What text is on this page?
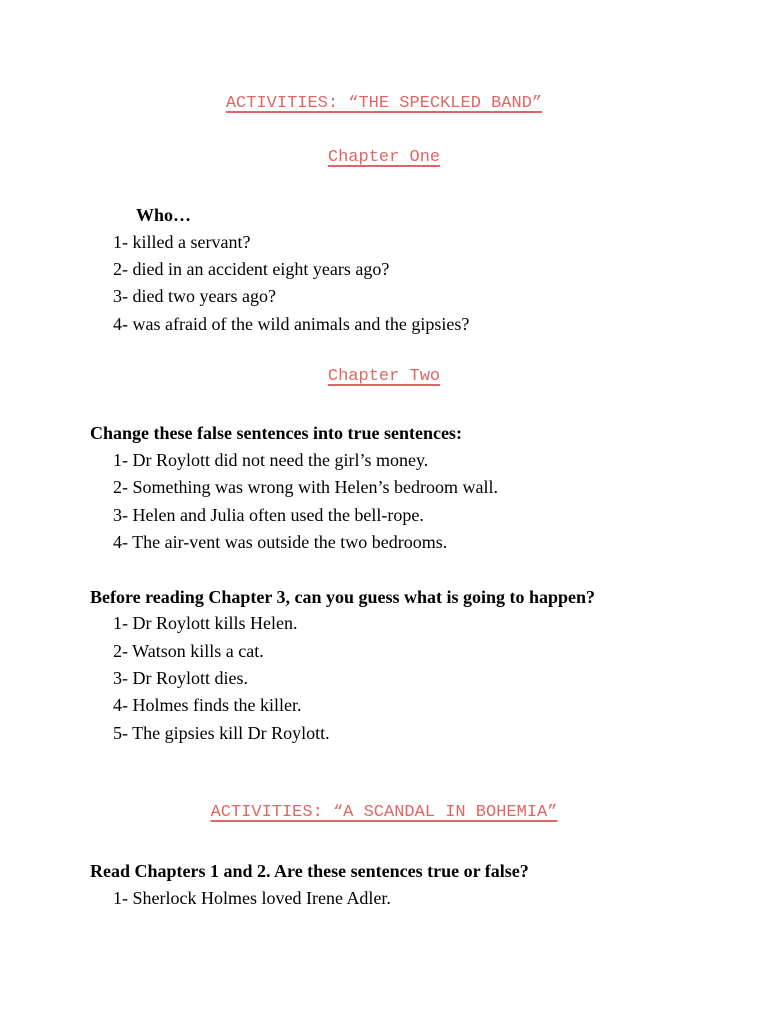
ACTIVITIES: “THE SPECKLED BAND”
Chapter One
Who…
1- killed a servant?
2- died in an accident eight years ago?
3- died two years ago?
4- was afraid of the wild animals and the gipsies?
Chapter Two
Change these false sentences into true sentences:
1- Dr Roylott did not need the girl’s money.
2- Something was wrong with Helen’s bedroom wall.
3- Helen and Julia often used the bell-rope.
4- The air-vent was outside the two bedrooms.
Before reading Chapter 3, can you guess what is going to happen?
1- Dr Roylott kills Helen.
2- Watson kills a cat.
3- Dr Roylott dies.
4- Holmes finds the killer.
5- The gipsies kill Dr Roylott.
ACTIVITIES: “A SCANDAL IN BOHEMIA”
Read Chapters 1 and 2. Are these sentences true or false?
1- Sherlock Holmes loved Irene Adler.
